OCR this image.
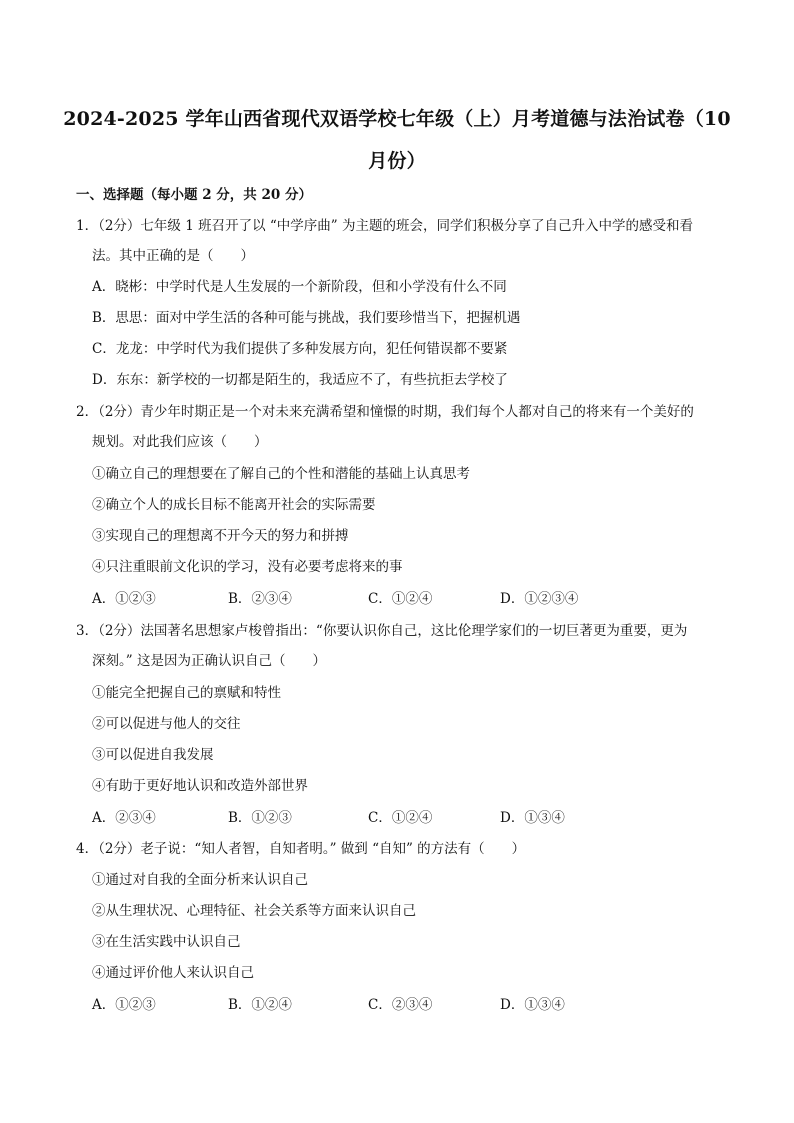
2024-2025 学年山西省现代双语学校七年级（上）月考道德与法治试卷（10
月份）
一、选择题（每小题 2 分，共 20 分）
1．（2分）七年级 1 班召开了以 “中学序曲” 为主题的班会，同学们积极分享了自己升入中学的感受和看
法。其中正确的是（　　）
A．晓彬：中学时代是人生发展的一个新阶段，但和小学没有什么不同
B．思思：面对中学生活的各种可能与挑战，我们要珍惜当下，把握机遇
C．龙龙：中学时代为我们提供了多种发展方向，犯任何错误都不要紧
D．东东：新学校的一切都是陌生的，我适应不了，有些抗拒去学校了
2．（2分）青少年时期正是一个对未来充满希望和憧憬的时期，我们每个人都对自己的将来有一个美好的
规划。对此我们应该（　　）
①确立自己的理想要在了解自己的个性和潜能的基础上认真思考
②确立个人的成长目标不能离开社会的实际需要
③实现自己的理想离不开今天的努力和拼搏
④只注重眼前文化识的学习，没有必要考虑将来的事
A．①②③	B．②③④	C．①②④	D．①②③④
3．（2分）法国著名思想家卢梭曾指出：“你要认识你自己，这比伦理学家们的一切巨著更为重要，更为
深刻。” 这是因为正确认识自己（　　）
①能完全把握自己的禀赋和特性
②可以促进与他人的交往
③可以促进自我发展
④有助于更好地认识和改造外部世界
A．②③④	B．①②③	C．①②④	D．①③④
4．（2分）老子说：“知人者智，自知者明。” 做到 “自知” 的方法有（　　）
①通过对自我的全面分析来认识自己
②从生理状况、心理特征、社会关系等方面来认识自己
③在生活实践中认识自己
④通过评价他人来认识自己
A．①②③	B．①②④	C．②③④	D．①③④
